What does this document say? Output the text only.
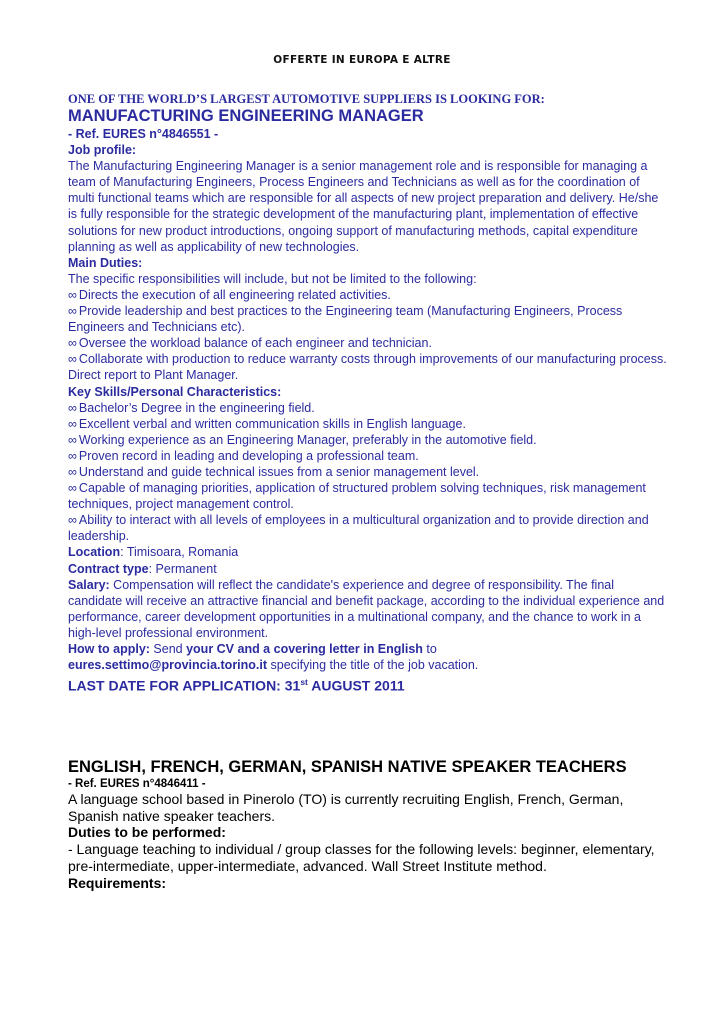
OFFERTE IN EUROPA E ALTRE
ONE OF THE WORLD’S LARGEST AUTOMOTIVE SUPPLIERS IS LOOKING FOR:
MANUFACTURING ENGINEERING MANAGER
- Ref. EURES n°4846551 -
Job profile:

The Manufacturing Engineering Manager is a senior management role and is responsible for managing a team of Manufacturing Engineers, Process Engineers and Technicians as well as for the coordination of multi functional teams which are responsible for all aspects of new project preparation and delivery. He/she is fully responsible for the strategic development of the manufacturing plant, implementation of effective solutions for new product introductions, ongoing support of manufacturing methods, capital expenditure planning as well as applicability of new technologies.

Main Duties:
The specific responsibilities will include, but not be limited to the following:
∞ Directs the execution of all engineering related activities.
∞ Provide leadership and best practices to the Engineering team (Manufacturing Engineers, Process Engineers and Technicians etc).
∞ Oversee the workload balance of each engineer and technician.
∞ Collaborate with production to reduce warranty costs through improvements of our manufacturing process.
Direct report to Plant Manager.
Key Skills/Personal Characteristics:
∞ Bachelor’s Degree in the engineering field.
∞ Excellent verbal and written communication skills in English language.
∞ Working experience as an Engineering Manager, preferably in the automotive field.
∞ Proven record in leading and developing a professional team.
∞ Understand and guide technical issues from a senior management level.
∞ Capable of managing priorities, application of structured problem solving techniques, risk management techniques, project management control.
∞ Ability to interact with all levels of employees in a multicultural organization and to provide direction and leadership.
Location: Timisoara, Romania
Contract type: Permanent

Salary: Compensation will reflect the candidate's experience and degree of responsibility. The final candidate will receive an attractive financial and benefit package, according to the individual experience and performance, career development opportunities in a multinational company, and the chance to work in a high-level professional environment.

How to apply: Send your CV and a covering letter in English to
eures.settimo@provincia.torino.it specifying the title of the job vacation.

LAST DATE FOR APPLICATION: 31st AUGUST 2011
ENGLISH, FRENCH, GERMAN, SPANISH NATIVE SPEAKER TEACHERS
- Ref. EURES n°4846411 -

A language school based in Pinerolo (TO) is currently recruiting English, French, German, Spanish native speaker teachers.

Duties to be performed:

- Language teaching to individual / group classes for the following levels: beginner, elementary, pre-intermediate, upper-intermediate, advanced. Wall Street Institute method.

Requirements:
